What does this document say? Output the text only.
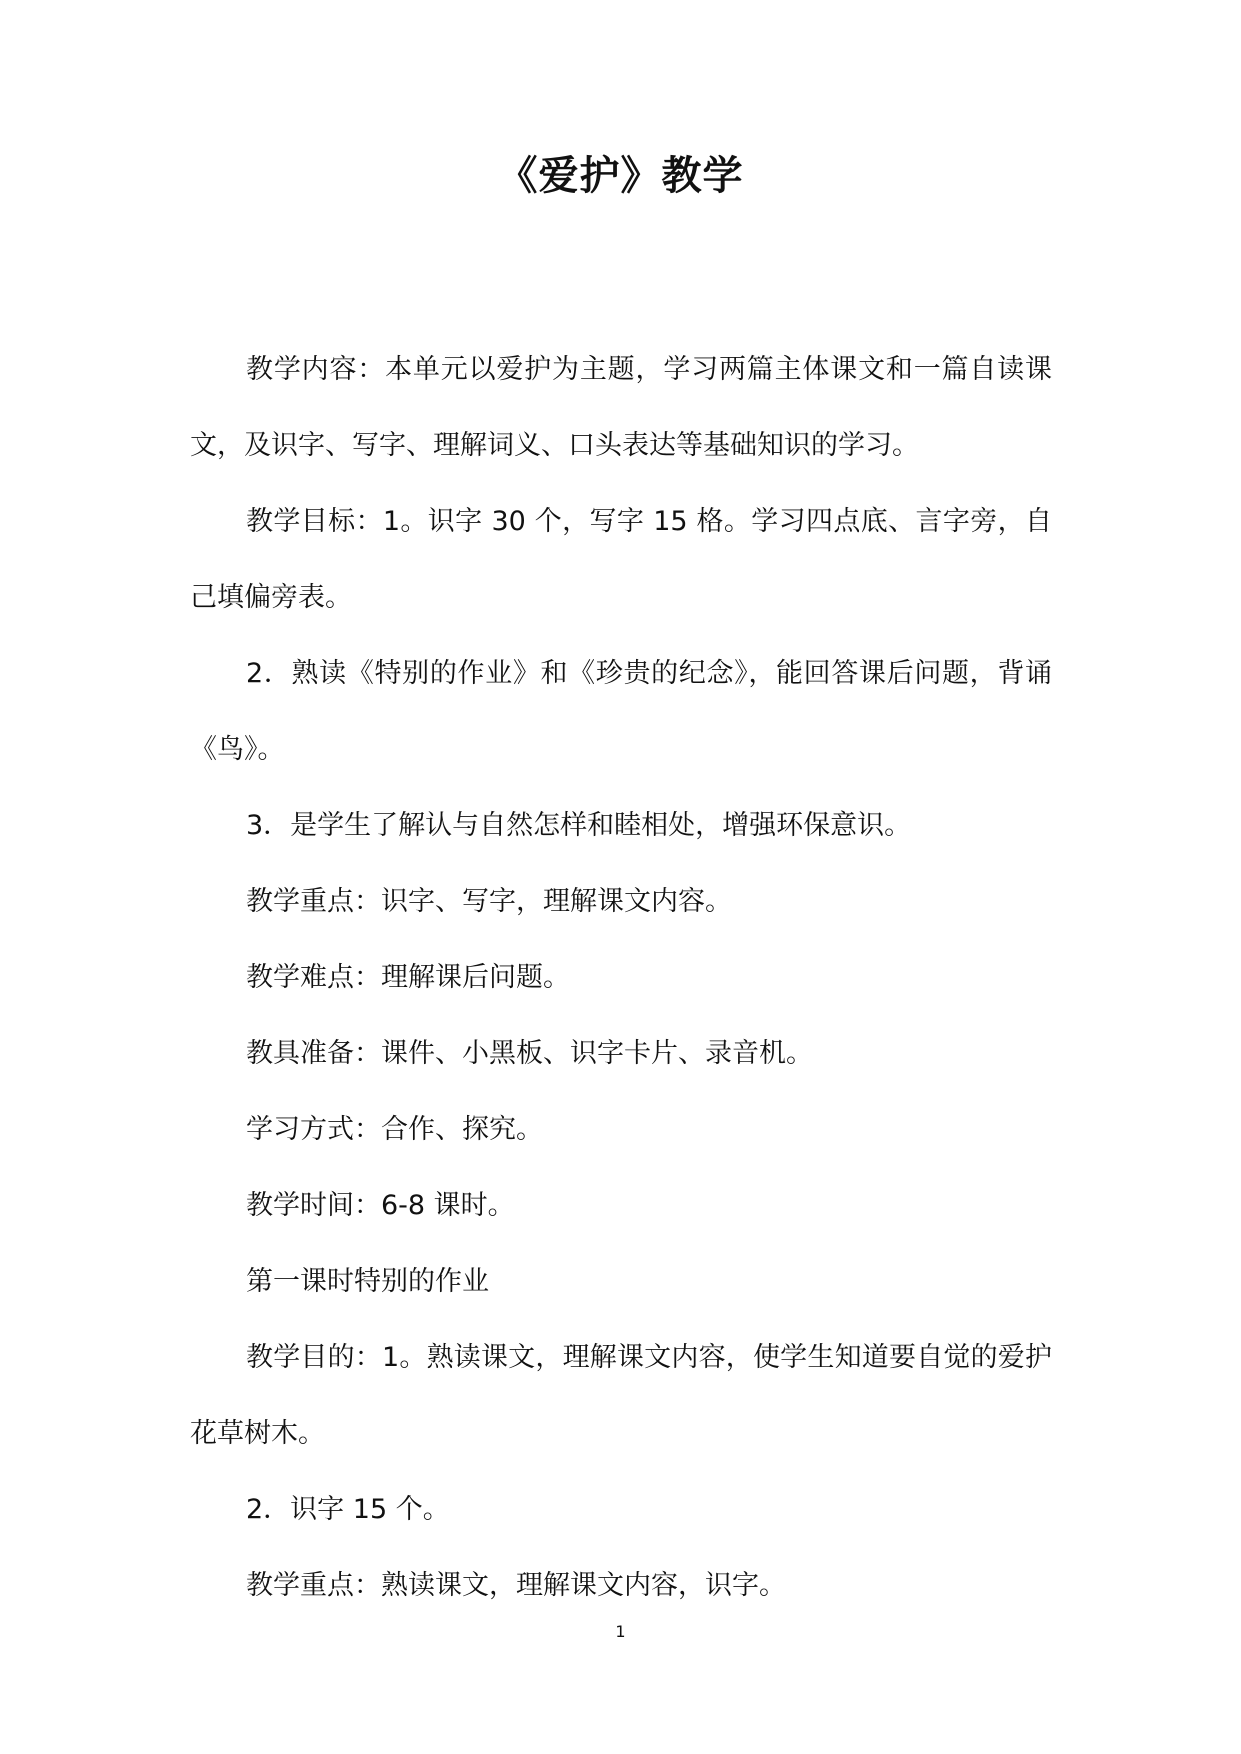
《爱护》教学

教学内容：本单元以爱护为主题，学习两篇主体课文和一篇自读课文，及识字、写字、理解词义、口头表达等基础知识的学习。

教学目标：1。识字 30 个，写字 15 格。学习四点底、言字旁，自己填偏旁表。

2．熟读《特别的作业》和《珍贵的纪念》，能回答课后问题，背诵《鸟》。

3．是学生了解认与自然怎样和睦相处，增强环保意识。

教学重点：识字、写字，理解课文内容。

教学难点：理解课后问题。

教具准备：课件、小黑板、识字卡片、录音机。

学习方式：合作、探究。

教学时间：6-8 课时。

第一课时特别的作业

教学目的：1。熟读课文，理解课文内容，使学生知道要自觉的爱护花草树木。

2．识字 15 个。

教学重点：熟读课文，理解课文内容，识字。

1
